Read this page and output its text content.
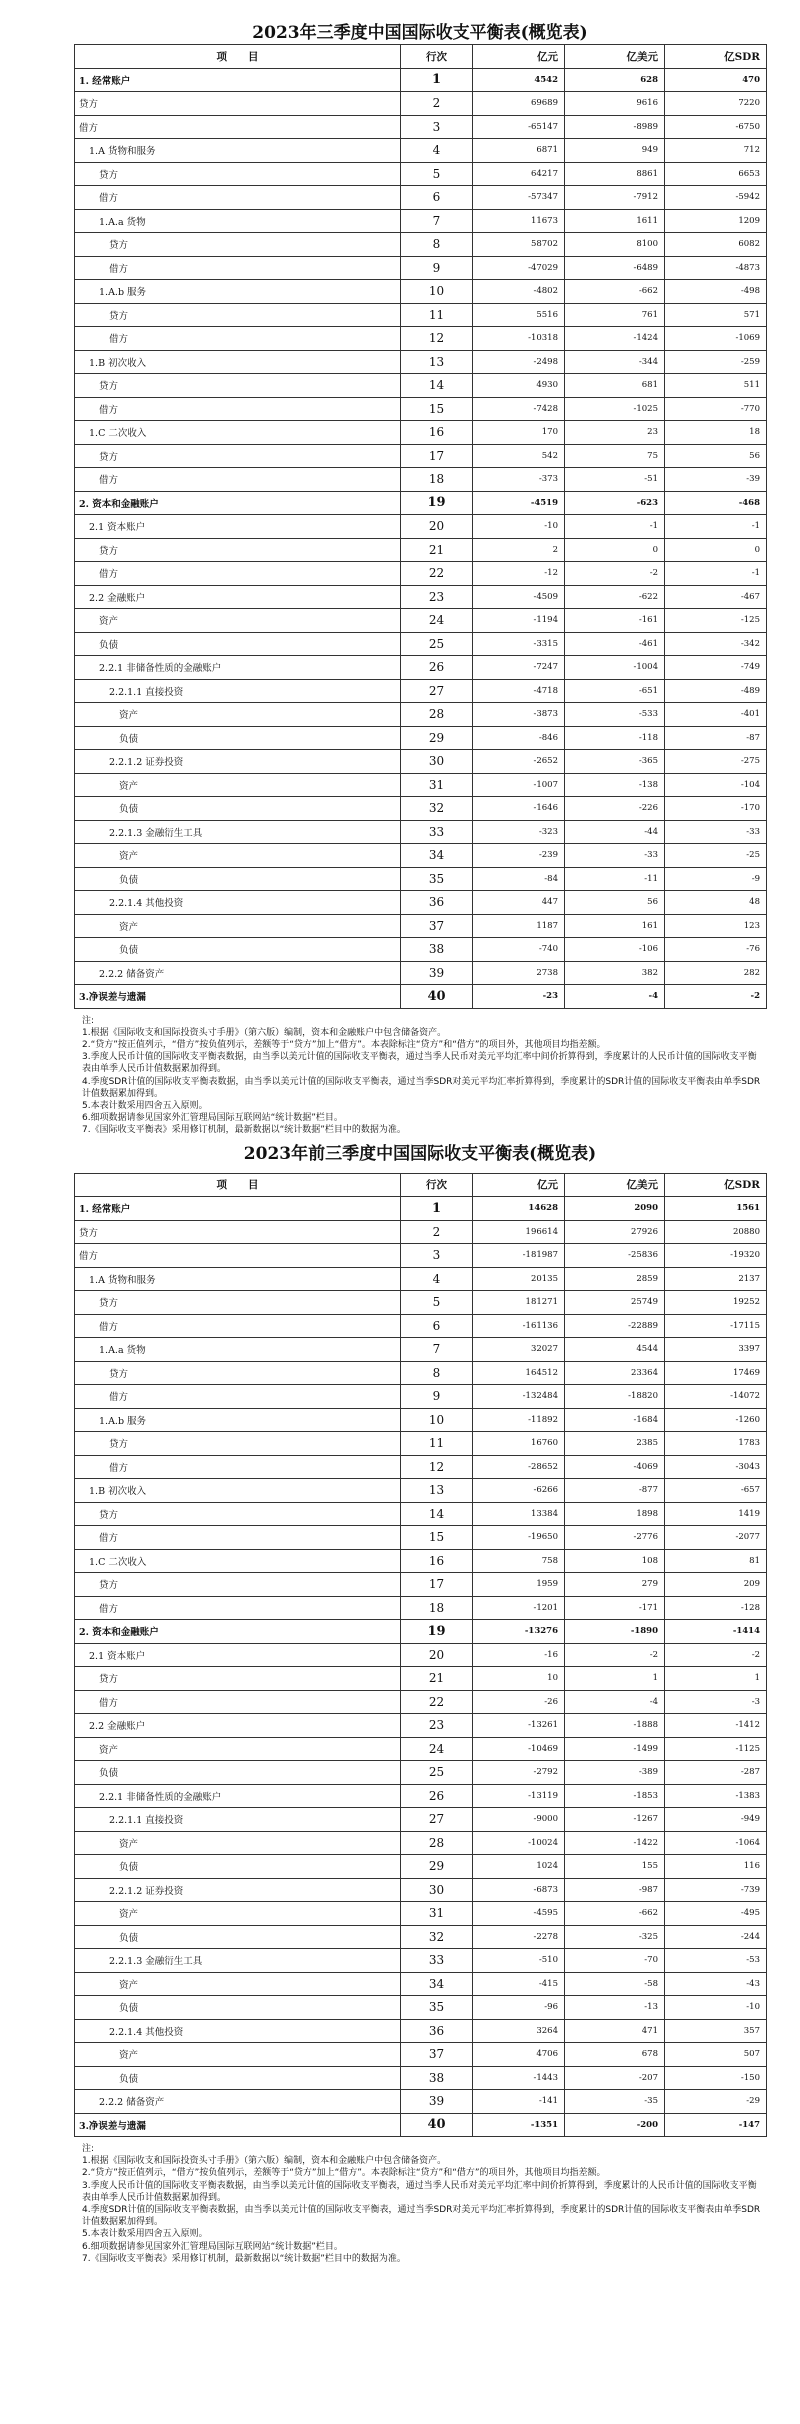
2023年三季度中国国际收支平衡表(概览表)
项　　目	行次	亿元	亿美元	亿SDR
1. 经常账户	1	4542	628	470
贷方	2	69689	9616	7220
借方	3	-65147	-8989	-6750
1.A 货物和服务	4	6871	949	712
贷方	5	64217	8861	6653
借方	6	-57347	-7912	-5942
1.A.a 货物	7	11673	1611	1209
贷方	8	58702	8100	6082
借方	9	-47029	-6489	-4873
1.A.b 服务	10	-4802	-662	-498
贷方	11	5516	761	571
借方	12	-10318	-1424	-1069
1.B 初次收入	13	-2498	-344	-259
贷方	14	4930	681	511
借方	15	-7428	-1025	-770
1.C 二次收入	16	170	23	18
贷方	17	542	75	56
借方	18	-373	-51	-39
2. 资本和金融账户	19	-4519	-623	-468
2.1 资本账户	20	-10	-1	-1
贷方	21	2	0	0
借方	22	-12	-2	-1
2.2 金融账户	23	-4509	-622	-467
资产	24	-1194	-161	-125
负债	25	-3315	-461	-342
2.2.1 非储备性质的金融账户	26	-7247	-1004	-749
2.2.1.1 直接投资	27	-4718	-651	-489
资产	28	-3873	-533	-401
负债	29	-846	-118	-87
2.2.1.2 证券投资	30	-2652	-365	-275
资产	31	-1007	-138	-104
负债	32	-1646	-226	-170
2.2.1.3 金融衍生工具	33	-323	-44	-33
资产	34	-239	-33	-25
负债	35	-84	-11	-9
2.2.1.4 其他投资	36	447	56	48
资产	37	1187	161	123
负债	38	-740	-106	-76
2.2.2 储备资产	39	2738	382	282
3.净误差与遗漏	40	-23	-4	-2
注:
1.根据《国际收支和国际投资头寸手册》（第六版）编制，资本和金融账户中包含储备资产。
2.“贷方”按正值列示，“借方”按负值列示，差额等于“贷方”加上“借方”。本表除标注“贷方”和“借方”的项目外，其他项目均指差额。
3.季度人民币计值的国际收支平衡表数据，由当季以美元计值的国际收支平衡表，通过当季人民币对美元平均汇率中间价折算得到，季度累计的人民币计值的国际收支平衡表由单季人民币计值数据累加得到。
4.季度SDR计值的国际收支平衡表数据，由当季以美元计值的国际收支平衡表，通过当季SDR对美元平均汇率折算得到，季度累计的SDR计值的国际收支平衡表由单季SDR计值数据累加得到。
5.本表计数采用四舍五入原则。
6.细项数据请参见国家外汇管理局国际互联网站“统计数据”栏目。
7.《国际收支平衡表》采用修订机制，最新数据以“统计数据”栏目中的数据为准。
2023年前三季度中国国际收支平衡表(概览表)
项　　目	行次	亿元	亿美元	亿SDR
1. 经常账户	1	14628	2090	1561
贷方	2	196614	27926	20880
借方	3	-181987	-25836	-19320
1.A 货物和服务	4	20135	2859	2137
贷方	5	181271	25749	19252
借方	6	-161136	-22889	-17115
1.A.a 货物	7	32027	4544	3397
贷方	8	164512	23364	17469
借方	9	-132484	-18820	-14072
1.A.b 服务	10	-11892	-1684	-1260
贷方	11	16760	2385	1783
借方	12	-28652	-4069	-3043
1.B 初次收入	13	-6266	-877	-657
贷方	14	13384	1898	1419
借方	15	-19650	-2776	-2077
1.C 二次收入	16	758	108	81
贷方	17	1959	279	209
借方	18	-1201	-171	-128
2. 资本和金融账户	19	-13276	-1890	-1414
2.1 资本账户	20	-16	-2	-2
贷方	21	10	1	1
借方	22	-26	-4	-3
2.2 金融账户	23	-13261	-1888	-1412
资产	24	-10469	-1499	-1125
负债	25	-2792	-389	-287
2.2.1 非储备性质的金融账户	26	-13119	-1853	-1383
2.2.1.1 直接投资	27	-9000	-1267	-949
资产	28	-10024	-1422	-1064
负债	29	1024	155	116
2.2.1.2 证券投资	30	-6873	-987	-739
资产	31	-4595	-662	-495
负债	32	-2278	-325	-244
2.2.1.3 金融衍生工具	33	-510	-70	-53
资产	34	-415	-58	-43
负债	35	-96	-13	-10
2.2.1.4 其他投资	36	3264	471	357
资产	37	4706	678	507
负债	38	-1443	-207	-150
2.2.2 储备资产	39	-141	-35	-29
3.净误差与遗漏	40	-1351	-200	-147
注:
1.根据《国际收支和国际投资头寸手册》（第六版）编制，资本和金融账户中包含储备资产。
2.“贷方”按正值列示，“借方”按负值列示，差额等于“贷方”加上“借方”。本表除标注“贷方”和“借方”的项目外，其他项目均指差额。
3.季度人民币计值的国际收支平衡表数据，由当季以美元计值的国际收支平衡表，通过当季人民币对美元平均汇率中间价折算得到，季度累计的人民币计值的国际收支平衡表由单季人民币计值数据累加得到。
4.季度SDR计值的国际收支平衡表数据，由当季以美元计值的国际收支平衡表，通过当季SDR对美元平均汇率折算得到，季度累计的SDR计值的国际收支平衡表由单季SDR计值数据累加得到。
5.本表计数采用四舍五入原则。
6.细项数据请参见国家外汇管理局国际互联网站“统计数据”栏目。
7.《国际收支平衡表》采用修订机制，最新数据以“统计数据”栏目中的数据为准。
